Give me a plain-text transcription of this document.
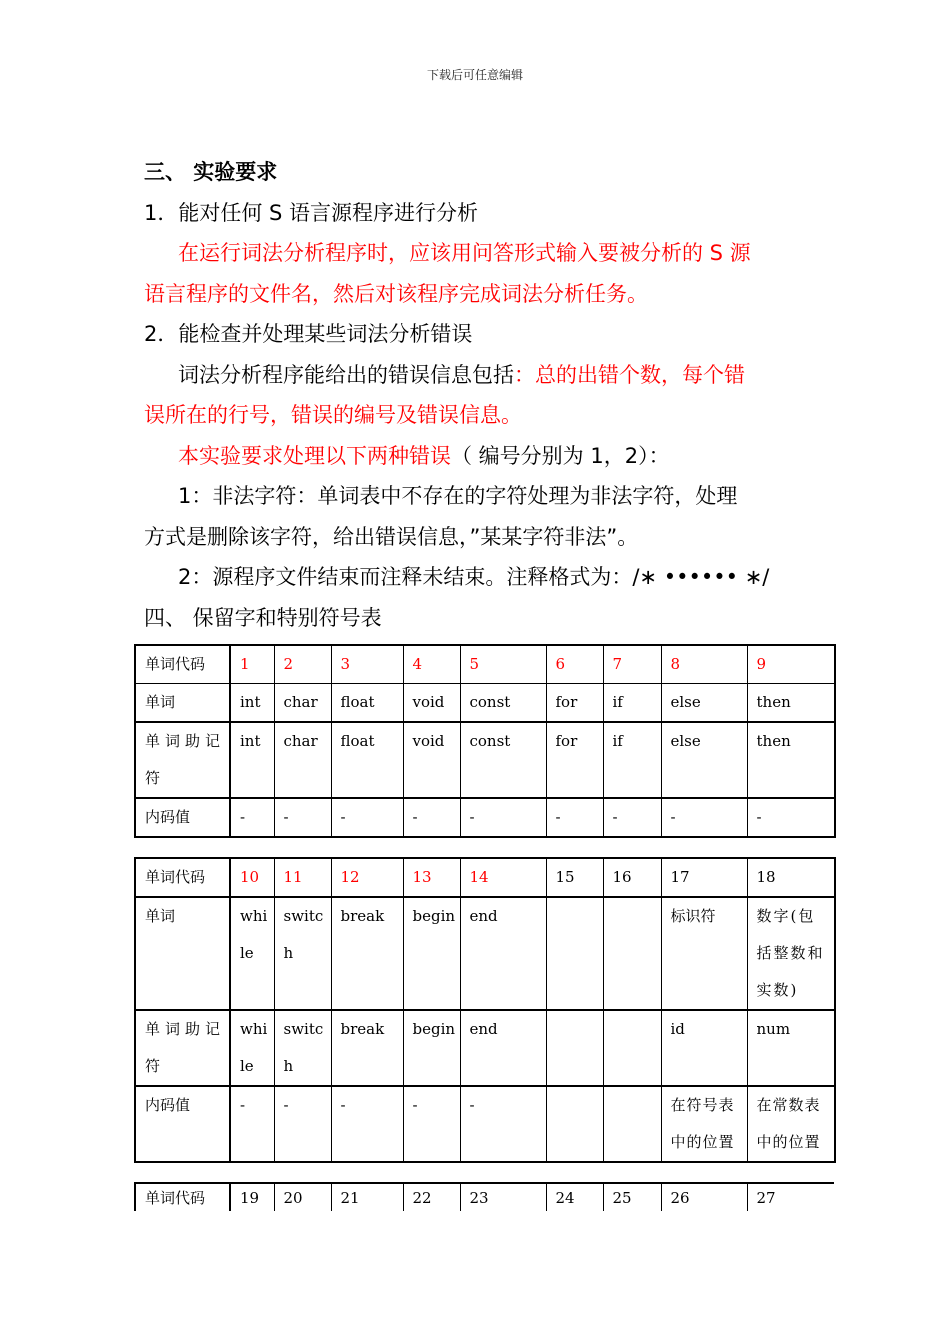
下载后可任意编辑
三、 实验要求
1．能对任何 S 语言源程序进行分析
在运行词法分析程序时，应该用问答形式输入要被分析的 S 源
语言程序的文件名，然后对该程序完成词法分析任务。
2．能检查并处理某些词法分析错误
词法分析程序能给出的错误信息包括：总的出错个数，每个错
误所在的行号，错误的编号及错误信息。
本实验要求处理以下两种错误（ 编号分别为 1，2）：
1：非法字符：单词表中不存在的字符处理为非法字符，处理
方式是删除该字符，给出错误信息，”某某字符非法”。
2：源程序文件结束而注释未结束。注释格式为：/∗ •••••• ∗/
四、 保留字和特别符号表
单词代码	1	2	3	4	5	6	7	8	9
单词	int	char	float	void	const	for	if	else	then
单词助记符	int	char	float	void	const	for	if	else	then
内码值	-	-	-	-	-	-	-	-	-
单词代码	10	11	12	13	14	15	16	17	18
单词	while	switch	break	begin	end			标识符	数字(包括整数和实数)
单词助记符	while	switch	break	begin	end			id	num
内码值	-	-	-	-	-			在符号表中的位置	在常数表中的位置
单词代码	19	20	21	22	23	24	25	26	27
